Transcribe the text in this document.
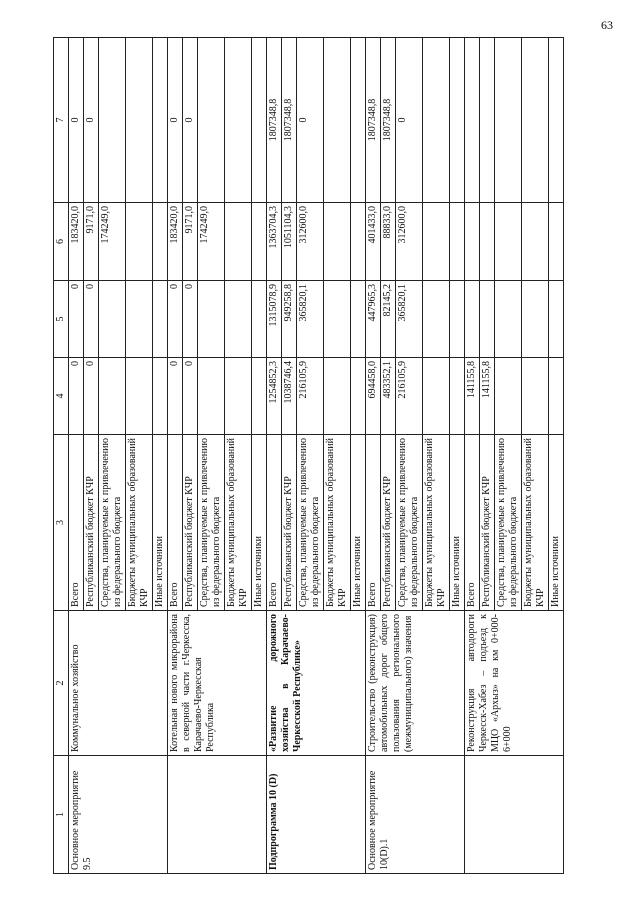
63
1	2	3	4	5	6	7
Основное мероприятие 9.5	Коммунальное хозяйство	Всего	0	0	183420,0	0
		Республиканский бюджет КЧР	0	0	9171,0	0
		Средства, планируемые к привлечению из федерального бюджета			174249,0	
		Бюджеты муниципальных образований КЧР				
		Иные источники				
	Котельная нового микрорайона в северной части г.Черкесска, Карачаево-Черкесская Республика	Всего	0	0	183420,0	0
		Республиканский бюджет КЧР	0	0	9171,0	0
		Средства, планируемые к привлечению из федерального бюджета			174249,0	
		Бюджеты муниципальных образований КЧР				
		Иные источники				
Подпрограмма 10 (D)	«Развитие дорожного хозяйства в Карачаево-Черкесской Республике»	Всего	1254852,3	1315078,9	1363704,3	1807348,8
		Республиканский бюджет КЧР	1038746,4	949258,8	1051104,3	1807348,8
		Средства, планируемые к привлечению из федерального бюджета	216105,9	365820,1	312600,0	0
		Бюджеты муниципальных образований КЧР				
		Иные источники				
Основное мероприятие 10(D).1	Строительство (реконструкция) автомобильных дорог общего пользования регионального (межмуниципального) значения	Всего	694458,0	447965,3	401433,0	1807348,8
		Республиканский бюджет КЧР	483352,1	82145,2	88833,0	1807348,8
		Средства, планируемые к привлечению из федерального бюджета	216105,9	365820,1	312600,0	0
		Бюджеты муниципальных образований КЧР				
		Иные источники				
	Реконструкция автодороги Черкесск-Хабез – подъезд к МЦО «Архыз» на км 0+000-6+000	Всего	141155,8			
		Республиканский бюджет КЧР	141155,8			
		Средства, планируемые к привлечению из федерального бюджета				
		Бюджеты муниципальных образований КЧР				
		Иные источники				
